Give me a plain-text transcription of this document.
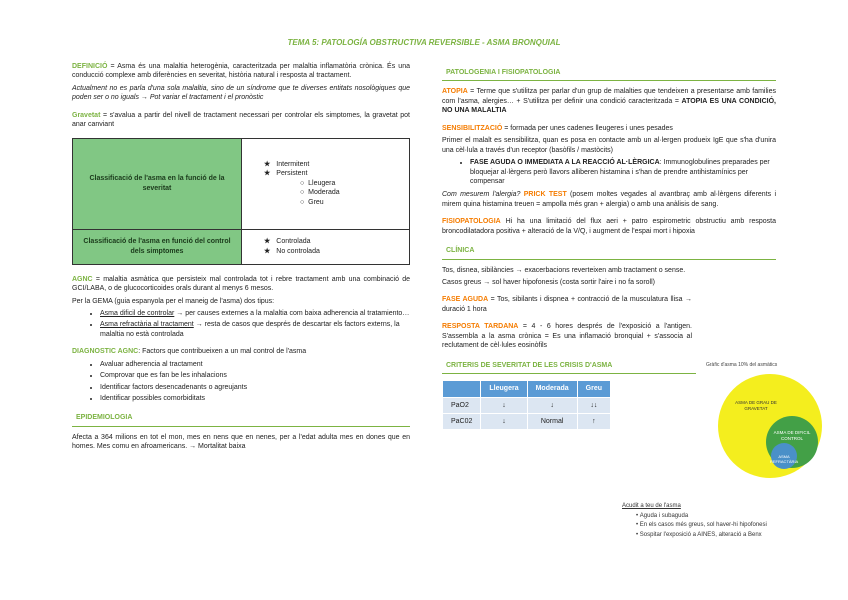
TEMA 5: PATOLOGÍA OBSTRUCTIVA REVERSIBLE - ASMA BRONQUIAL

DEFINICIÓ = Asma és una malaltia heterogènia, caracteritzada per malaltia inflamatòria crònica. És una conducció complexe amb diferències en severitat, història natural i resposta al tractament.

Actualment no es parla d'una sola malaltia, sino de un síndrome que te diverses entitats nosològiques que poden ser o no iguals → Pot variar el tractament i el pronòstic

Gravetat = s'avalua a partir del nivell de tractament necessari per controlar els simptomes, la gravetat pot anar canviant

Classificació de l'asma en la funció de la severitat	★ Intermitent
★ Persistent
○  Lleugera
○  Moderada
○  Greu

Classificació de l'asma en funció del control dels simptomes	★ Controlada
★ No controlada

AGNC = malaltia asmàtica que persisteix mal controlada tot i rebre tractament amb una combinació de GCI/LABA, o de glucocorticoides orals durant al menys 6 mesos.

Per la GEMA (guia espanyola per el maneig de l'asma) dos tipus:

• Asma dificil de controlar → per causes externes a la malaltia com baixa adherencia al tratamiento…
• Asma refractària al tractament → resta de casos que després de descartar els factors externs, la malaltia no està controlada

DIAGNOSTIC AGNC: Factors que contribueixen a un mal control de l'asma

• Avaluar adherencia al tractament
• Comprovar que es fan be les inhalacions
• Identificar factors desencadenants o agreujants
• Identificar possibles comorbiditats
EPIDEMIOLOGIA

Afecta a 364 milions en tot el mon, mes en nens que en nenes, per a l'edat adulta mes en dones que en homes. Mes comu en afroamericans. → Mortalitat baixa

PATOLOGENIA I FISIOPATOLOGIA

ATOPIA = Terme que s'utilitza per parlar d'un grup de malalties que tendeixen a presentarse amb families com l'asma, alergies… + S'utilitza per definir una condició caracteritzada = ATOPIA ES UNA CONDICIÓ, NO UNA MALALTIA

SENSIBILITZACIÓ = formada per unes cadenes lleugeres i unes pesades

Primer el malalt es sensibilitza, quan es posa en contacte amb un al·lergen produeix IgE que s'ha d'unira una cèl·lula a través d'un receptor (basòfils / mastòcits)

• FASE AGUDA O IMMEDIATA A LA REACCIÓ AL·LÈRGICA: Immunoglobulines preparades per bloquejar al·lèrgens però llavors alliberen histamina i s'han de prendre antihistamínics per compensar

Com mesurem l'alergia? PRICK TEST (posem moltes vegades al avantbraç amb al·lèrgens diferents i mirem quina histamina treuen = ampolla més gran + alergia) o amb una anàlisis de sang.

FISIOPATOLOGIA Hi ha una limitació del flux aeri + patro espirometric obstructiu amb resposta broncodilatadora positiva + alteració de la V/Q, i augment de l'espai mort i hipoxia

CLÍNICA

Tos, disnea, sibilàncies → exacerbacions reverteixen amb tractament o sense.

Casos greus → sol haver hipofonesis (costa sortir l'aire i no fa soroll)

FASE AGUDA = Tos, sibilants i dispnea + contracció de la musculatura llisa → duració 1 hora

RESPOSTA TARDANA = 4 - 6 hores després de l'exposició a l'antigen. S'assembla a la asma crònica = Es una inflamació bronquial + s'associa al reclutament de cèl·lules eosinòfils

CRITERIS DE SEVERITAT DE LES CRISIS D'ASMA
	Lleugera	Moderada	Greu
PaO2	↓	↓	↓↓
PaC02	↓	Normal	↑
Gràfic d'asma 10% del asmàtics
ASMA DE GRAU DE GRAVETAT
ASMA DE DIFICIL CONTROL
ASMA REFRACTÀRIA
Acudit a teu de l'asma
• Aguda i subaguda
• En els casos més greus, sol haver-hi hipofonesi
• Sospitar l'exposició a AINES, alteració a Benx
